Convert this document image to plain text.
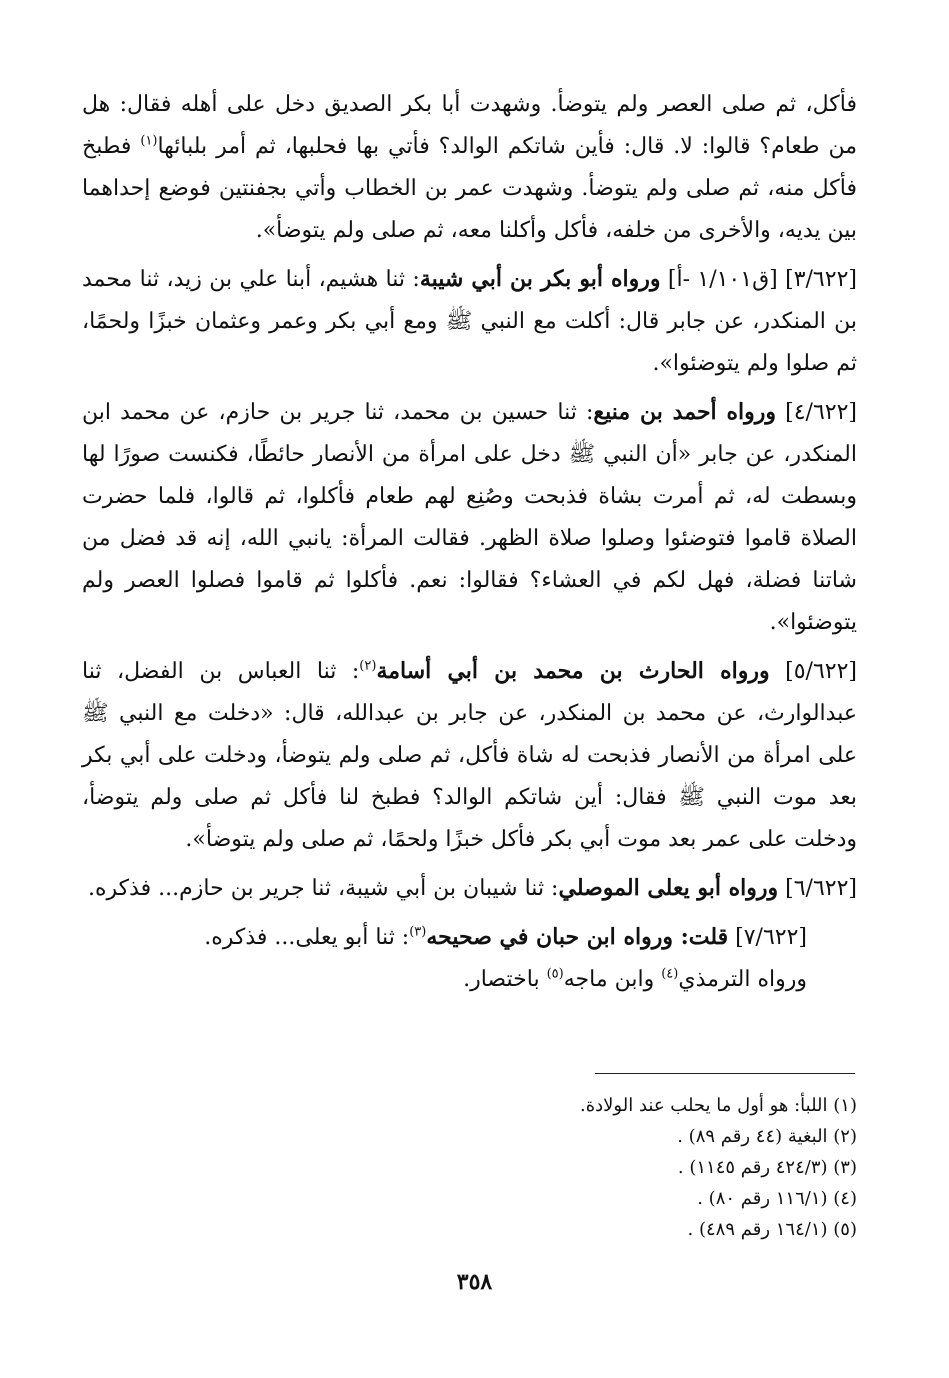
فأكل، ثم صلى العصر ولم يتوضأ. وشهدت أبا بكر الصديق دخل على أهله فقال: هل من طعام؟ قالوا: لا. قال: فأين شاتكم الوالد؟ فأتي بها فحلبها، ثم أمر بلبائها$^{(١)}$ فطبخ فأكل منه، ثم صلى ولم يتوضأ. وشهدت عمر بن الخطاب وأتي بجفنتين فوضع إحداهما بين يديه، والأخرى من خلفه، فأكل وأكلنا معه، ثم صلى ولم يتوضأ».

[٣/٦٢٢] [ق١/١٠١ -أ] ورواه أبو بكر بن أبي شيبة: ثنا هشيم، أبنا علي بن زيد، ثنا محمد بن المنكدر، عن جابر قال: أكلت مع النبي ﷺ ومع أبي بكر وعمر وعثمان خبزًا ولحمًا، ثم صلوا ولم يتوضئوا».

[٤/٦٢٢] ورواه أحمد بن منيع: ثنا حسين بن محمد، ثنا جرير بن حازم، عن محمد ابن المنكدر، عن جابر «أن النبي ﷺ دخل على امرأة من الأنصار حائطًا، فكنست صورًا لها وبسطت له، ثم أمرت بشاة فذبحت وصُنِع لهم طعام فأكلوا، ثم قالوا، فلما حضرت الصلاة قاموا فتوضئوا وصلوا صلاة الظهر. فقالت المرأة: يانبي الله، إنه قد فضل من شاتنا فضلة، فهل لكم في العشاء؟ فقالوا: نعم. فأكلوا ثم قاموا فصلوا العصر ولم يتوضئوا».

[٥/٦٢٢] ورواه الحارث بن محمد بن أبي أسامة$^{(٢)}$: ثنا العباس بن الفضل، ثنا عبدالوارث، عن محمد بن المنكدر، عن جابر بن عبدالله، قال: «دخلت مع النبي ﷺ على امرأة من الأنصار فذبحت له شاة فأكل، ثم صلى ولم يتوضأ، ودخلت على أبي بكر بعد موت النبي ﷺ فقال: أين شاتكم الوالد؟ فطبخ لنا فأكل ثم صلى ولم يتوضأ، ودخلت على عمر بعد موت أبي بكر فأكل خبزًا ولحمًا، ثم صلى ولم يتوضأ».

[٦/٦٢٢] ورواه أبو يعلى الموصلي: ثنا شيبان بن أبي شيبة، ثنا جرير بن حازم... فذكره.

[٧/٦٢٢] قلت: ورواه ابن حبان في صحيحه$^{(٣)}$: ثنا أبو يعلى... فذكره.
ورواه الترمذي$^{(٤)}$ وابن ماجه$^{(٥)}$ باختصار.

(١) اللبأ: هو أول ما يحلب عند الولادة.

(٢) البغية (٤٤ رقم ٨٩) .

(٣) (٤٢٤/٣ رقم ١١٤٥) .

(٤) (١١٦/١ رقم ٨٠) .

(٥) (١٦٤/١ رقم ٤٨٩) .

٣٥٨
